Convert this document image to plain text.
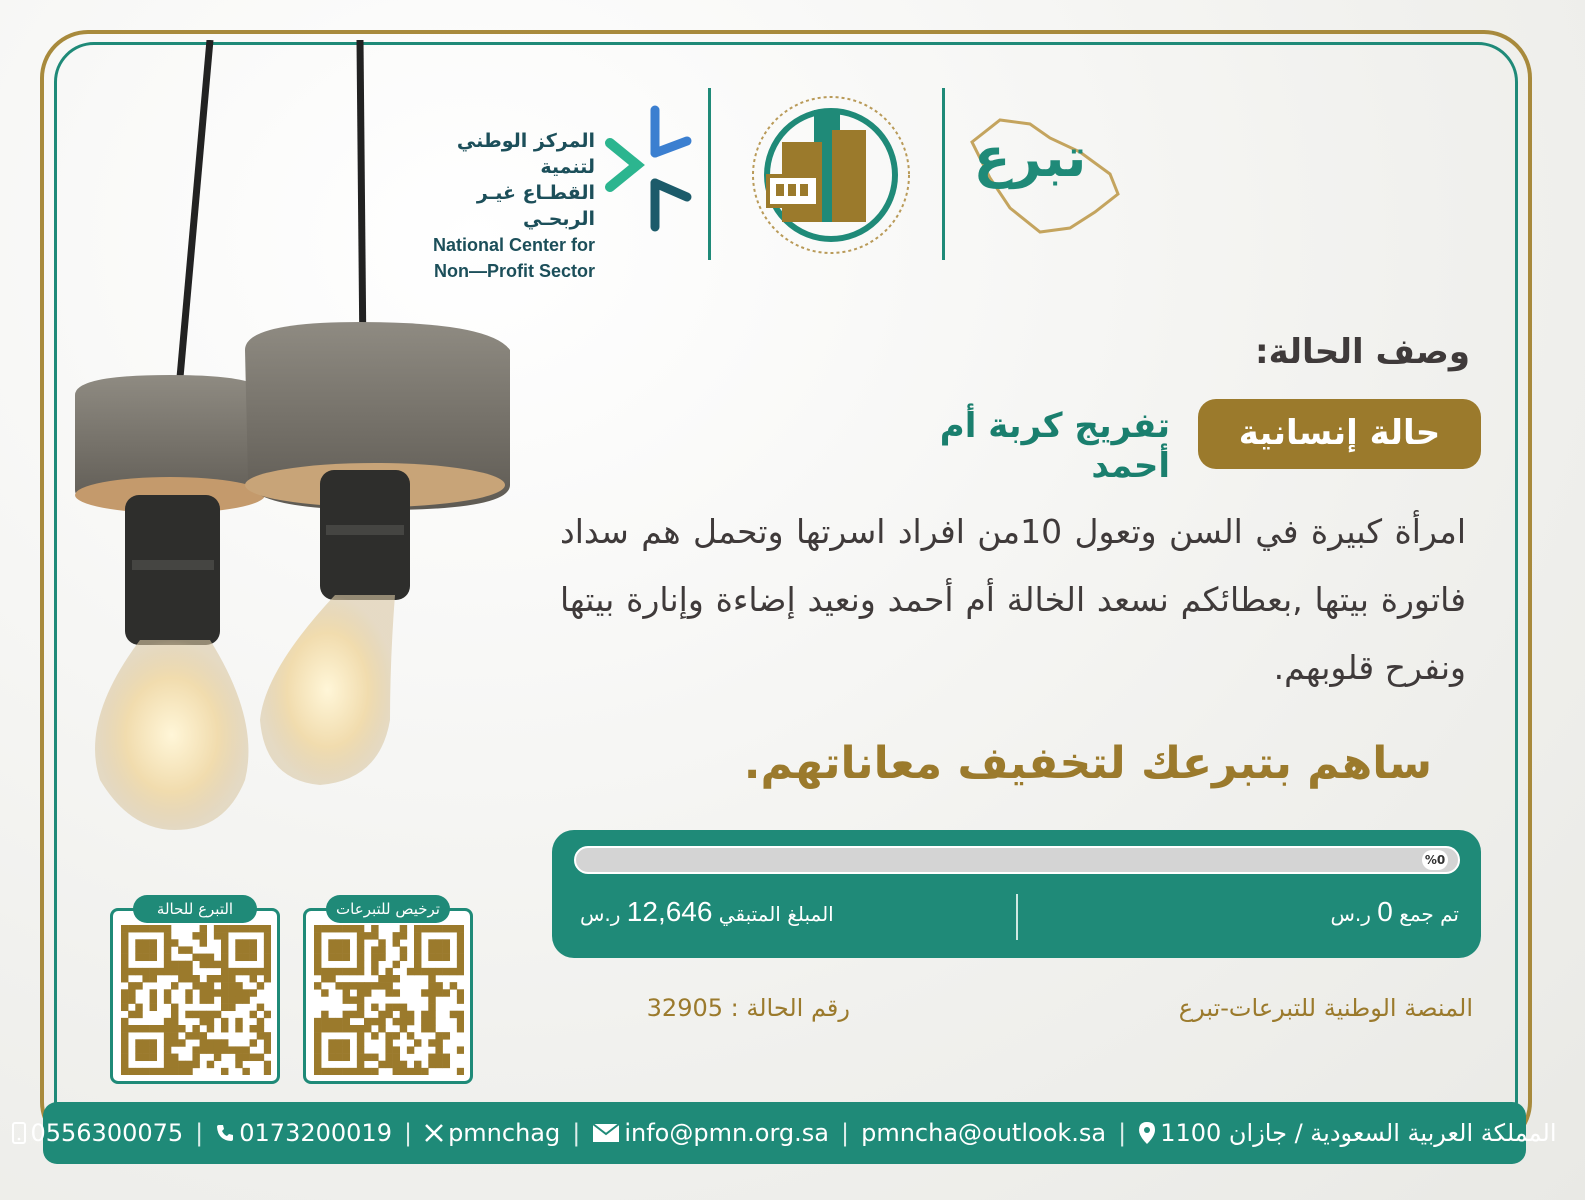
المركز الوطني لتنمية
القطـاع غيـر الربحـي
National Center for
Non—Profit Sector
تبرع
وصف الحالة:
حالة إنسانية
تفريج كربة أم أحمد
امرأة كبيرة في السن وتعول 10من افراد اسرتها وتحمل هم سداد فاتورة بيتها ,بعطائكم نسعد الخالة أم أحمد ونعيد إضاءة وإنارة بيتها ونفرح قلوبهم.
ساهم بتبرعك لتخفيف معاناتهم.
%0
تم جمع 0 ر.س
المبلغ المتبقي 12,646 ر.س
المنصة الوطنية للتبرعات-تبرع
رقم الحالة : 32905
ترخيص للتبرعات
التبرع للحالة
0556300075 | 0173200019 | pmnchag | info@pmn.org.sa | pmncha@outlook.sa | المملكة العربية السعودية / جازان 1100
